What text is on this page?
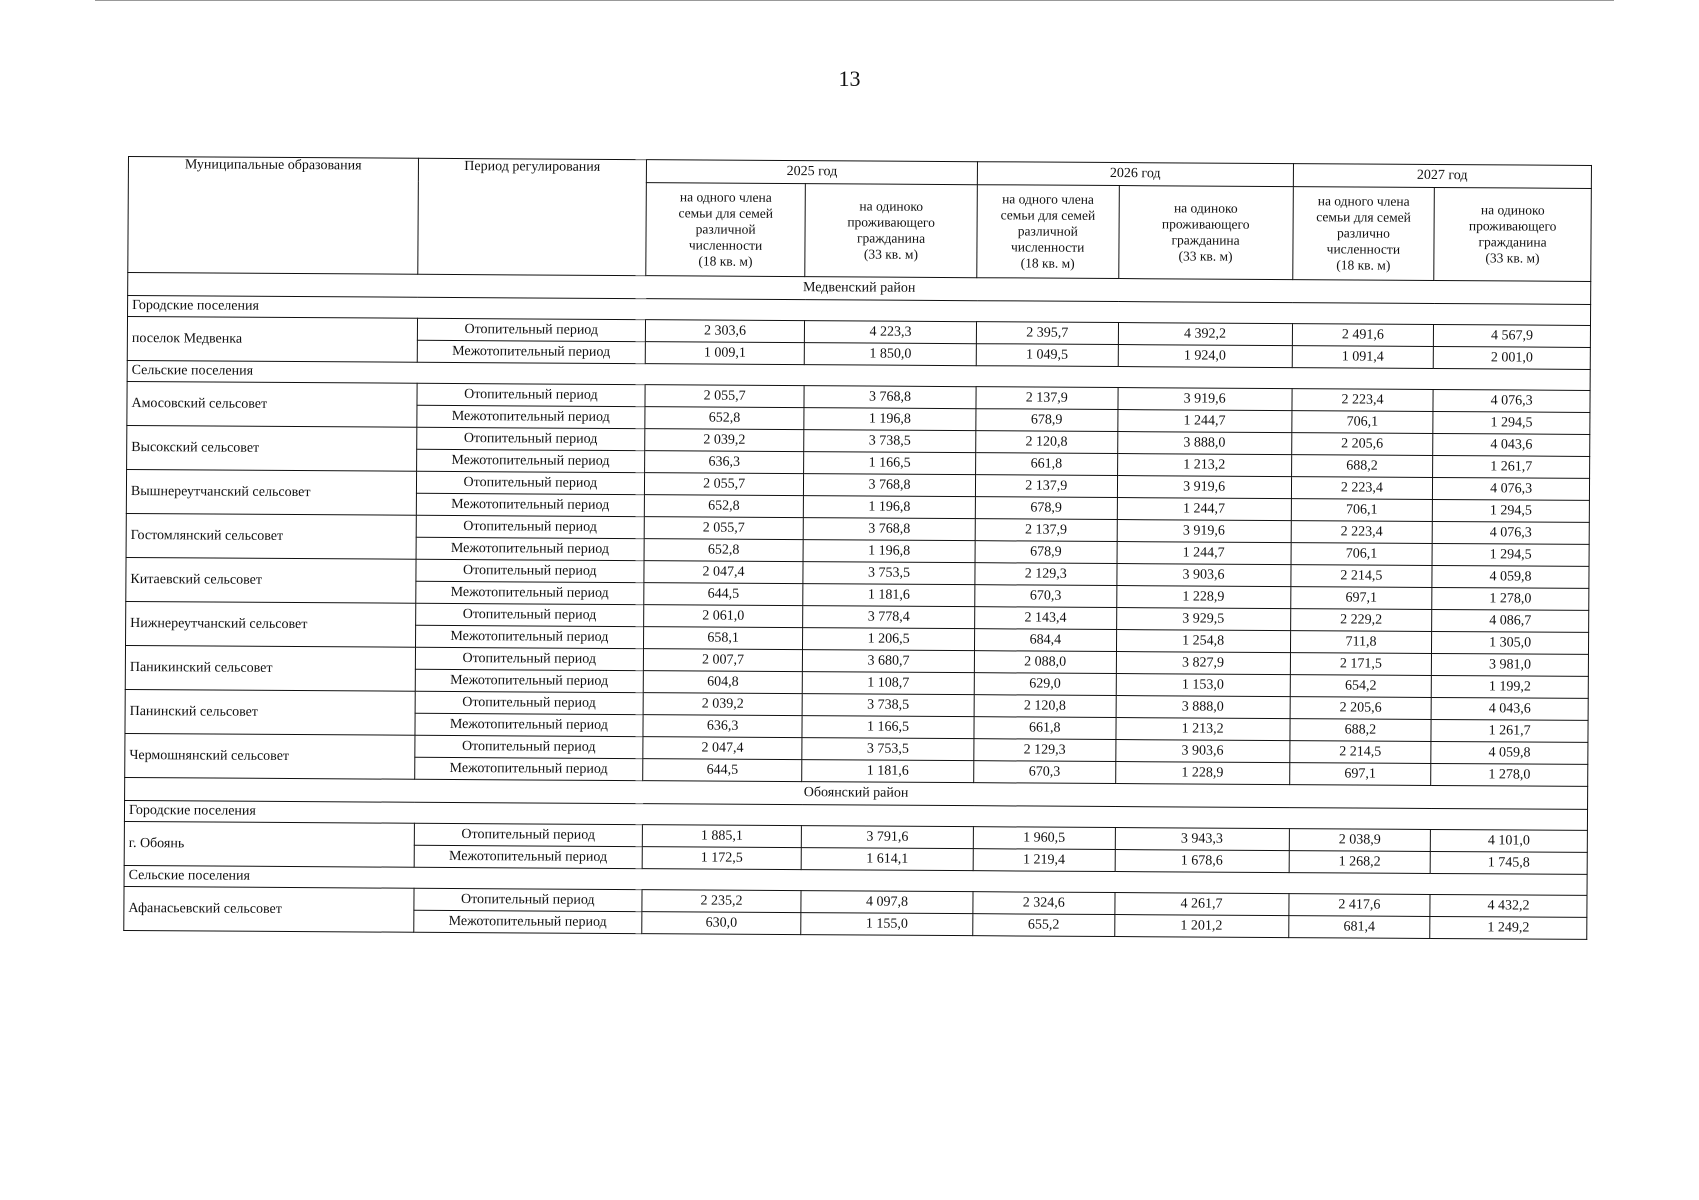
13
Муниципальные образования	Период регулирования	2025 год		2026 год		2027 год	
		на одного члена
семьи для семей
различной
численности
(18 кв. м)	на одиноко
проживающего
гражданина
(33 кв. м)	на одного члена
семьи для семей
различной
численности
(18 кв. м)	на одиноко
проживающего
гражданина
(33 кв. м)	на одного члена
семьи для семей
различно
численности
(18 кв. м)	на одиноко
проживающего
гражданина
(33 кв. м)
Медвенский район							
Городские поселения							
поселок Медвенка	Отопительный период	2 303,6	4 223,3	2 395,7	4 392,2	2 491,6	4 567,9
	Межотопительный период	1 009,1	1 850,0	1 049,5	1 924,0	1 091,4	2 001,0
Сельские поселения							
Амосовский сельсовет	Отопительный период	2 055,7	3 768,8	2 137,9	3 919,6	2 223,4	4 076,3
	Межотопительный период	652,8	1 196,8	678,9	1 244,7	706,1	1 294,5
Высокский сельсовет	Отопительный период	2 039,2	3 738,5	2 120,8	3 888,0	2 205,6	4 043,6
	Межотопительный период	636,3	1 166,5	661,8	1 213,2	688,2	1 261,7
Вышнереутчанский сельсовет	Отопительный период	2 055,7	3 768,8	2 137,9	3 919,6	2 223,4	4 076,3
	Межотопительный период	652,8	1 196,8	678,9	1 244,7	706,1	1 294,5
Гостомлянский сельсовет	Отопительный период	2 055,7	3 768,8	2 137,9	3 919,6	2 223,4	4 076,3
	Межотопительный период	652,8	1 196,8	678,9	1 244,7	706,1	1 294,5
Китаевский сельсовет	Отопительный период	2 047,4	3 753,5	2 129,3	3 903,6	2 214,5	4 059,8
	Межотопительный период	644,5	1 181,6	670,3	1 228,9	697,1	1 278,0
Нижнереутчанский сельсовет	Отопительный период	2 061,0	3 778,4	2 143,4	3 929,5	2 229,2	4 086,7
	Межотопительный период	658,1	1 206,5	684,4	1 254,8	711,8	1 305,0
Паникинский сельсовет	Отопительный период	2 007,7	3 680,7	2 088,0	3 827,9	2 171,5	3 981,0
	Межотопительный период	604,8	1 108,7	629,0	1 153,0	654,2	1 199,2
Панинский сельсовет	Отопительный период	2 039,2	3 738,5	2 120,8	3 888,0	2 205,6	4 043,6
	Межотопительный период	636,3	1 166,5	661,8	1 213,2	688,2	1 261,7
Чермошнянский сельсовет	Отопительный период	2 047,4	3 753,5	2 129,3	3 903,6	2 214,5	4 059,8
	Межотопительный период	644,5	1 181,6	670,3	1 228,9	697,1	1 278,0
Обоянский район							
Городские поселения							
г. Обоянь	Отопительный период	1 885,1	3 791,6	1 960,5	3 943,3	2 038,9	4 101,0
	Межотопительный период	1 172,5	1 614,1	1 219,4	1 678,6	1 268,2	1 745,8
Сельские поселения							
Афанасьевский сельсовет	Отопительный период	2 235,2	4 097,8	2 324,6	4 261,7	2 417,6	4 432,2
	Межотопительный период	630,0	1 155,0	655,2	1 201,2	681,4	1 249,2
